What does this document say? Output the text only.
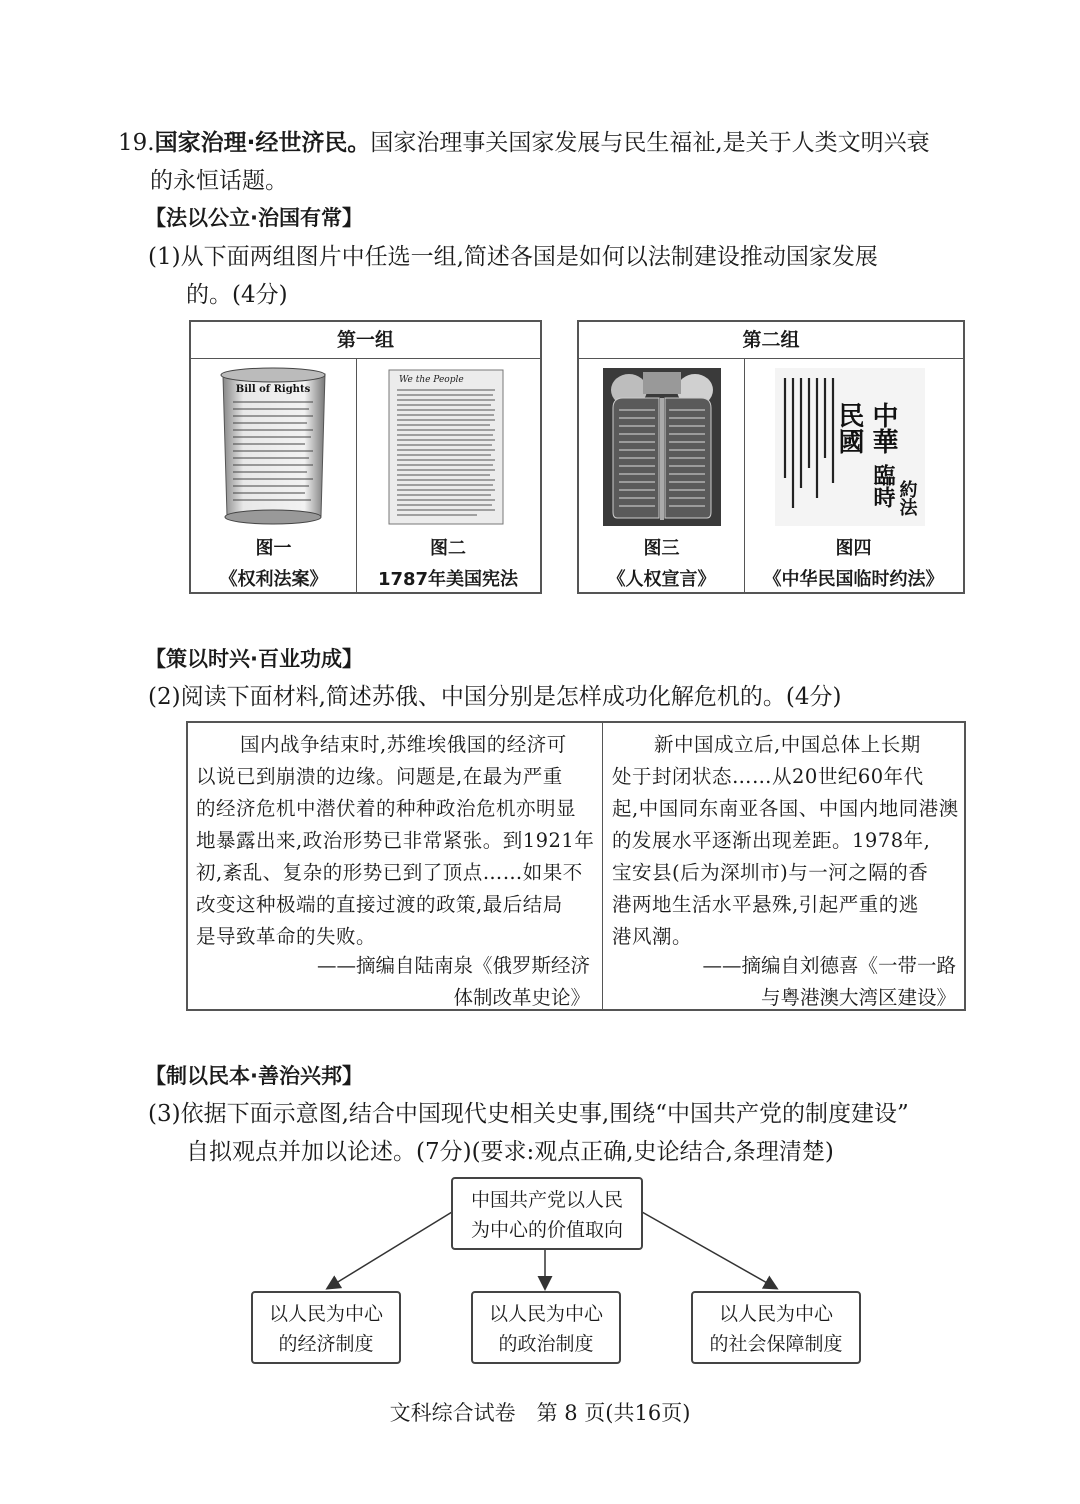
19.国家治理·经世济民。国家治理事关国家发展与民生福祉,是关于人类文明兴衰
的永恒话题。
【法以公立·治国有常】
(1)从下面两组图片中任选一组,简述各国是如何以法制建设推动国家发展
的。(4分)
第一组
Bill of Rights
图一
《权利法案》
We the People
图二
1787年美国宪法
第二组
图三
《人权宣言》
中華
民國
臨時 約法
图四
《中华民国临时约法》
【策以时兴·百业功成】
(2)阅读下面材料,简述苏俄、中国分别是怎样成功化解危机的。(4分)
国内战争结束时,苏维埃俄国的经济可
以说已到崩溃的边缘。问题是,在最为严重
的经济危机中潜伏着的种种政治危机亦明显
地暴露出来,政治形势已非常紧张。到1921年
初,紊乱、复杂的形势已到了顶点……如果不
改变这种极端的直接过渡的政策,最后结局
是导致革命的失败。
——摘编自陆南泉《俄罗斯经济
体制改革史论》
新中国成立后,中国总体上长期
处于封闭状态……从20世纪60年代
起,中国同东南亚各国、中国内地同港澳
的发展水平逐渐出现差距。1978年,
宝安县(后为深圳市)与一河之隔的香
港两地生活水平悬殊,引起严重的逃
港风潮。
——摘编自刘德喜《一带一路
与粤港澳大湾区建设》
【制以民本·善治兴邦】
(3)依据下面示意图,结合中国现代史相关史事,围绕“中国共产党的制度建设”
自拟观点并加以论述。(7分)(要求:观点正确,史论结合,条理清楚)
中国共产党以人民
为中心的价值取向
以人民为中心
的经济制度
以人民为中心
的政治制度
以人民为中心
的社会保障制度
文科综合试卷　第 8 页(共16页)
